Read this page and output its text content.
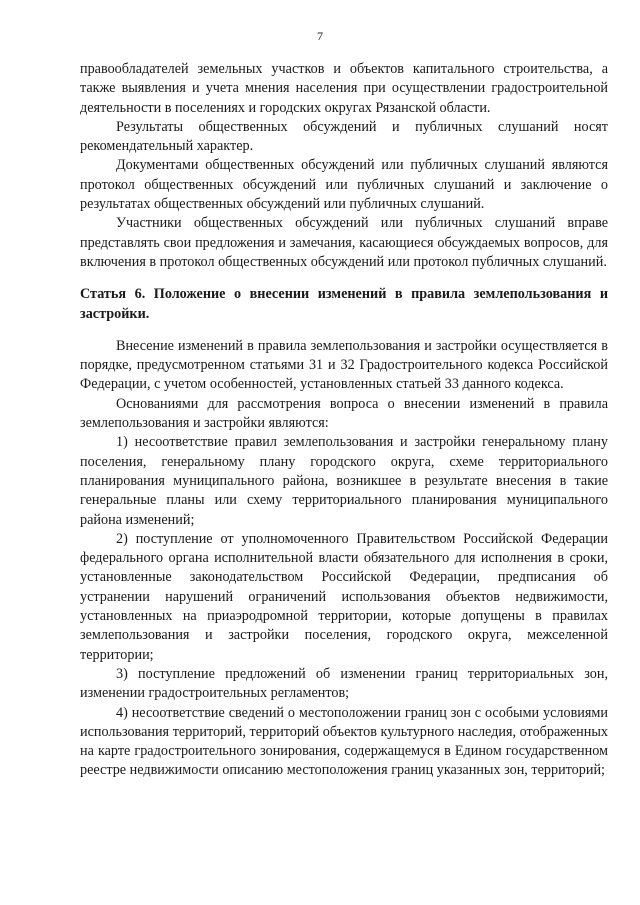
7

правообладателей земельных участков и объектов капитального строительства, а также выявления и учета мнения населения при осуществлении градостроительной деятельности в поселениях и городских округах Рязанской области.

Результаты общественных обсуждений и публичных слушаний носят рекомендательный характер.

Документами общественных обсуждений или публичных слушаний являются протокол общественных обсуждений или публичных слушаний и заключение о результатах общественных обсуждений или публичных слушаний.

Участники общественных обсуждений или публичных слушаний вправе представлять свои предложения и замечания, касающиеся обсуждаемых вопросов, для включения в протокол общественных обсуждений или протокол публичных слушаний.

Статья 6. Положение о внесении изменений в правила землепользования и застройки.

Внесение изменений в правила землепользования и застройки осуществляется в порядке, предусмотренном статьями 31 и 32 Градостроительного кодекса Российской Федерации, с учетом особенностей, установленных статьей 33 данного кодекса.

Основаниями для рассмотрения вопроса о внесении изменений в правила землепользования и застройки являются:

1) несоответствие правил землепользования и застройки генеральному плану поселения, генеральному плану городского округа, схеме территориального планирования муниципального района, возникшее в результате внесения в такие генеральные планы или схему территориального планирования муниципального района изменений;

2) поступление от уполномоченного Правительством Российской Федерации федерального органа исполнительной власти обязательного для исполнения в сроки, установленные законодательством Российской Федерации, предписания об устранении нарушений ограничений использования объектов недвижимости, установленных на приаэродромной территории, которые допущены в правилах землепользования и застройки поселения, городского округа, межселенной территории;

3) поступление предложений об изменении границ территориальных зон, изменении градостроительных регламентов;

4) несоответствие сведений о местоположении границ зон с особыми условиями использования территорий, территорий объектов культурного наследия, отображенных на карте градостроительного зонирования, содержащемуся в Едином государственном реестре недвижимости описанию местоположения границ указанных зон, территорий;
